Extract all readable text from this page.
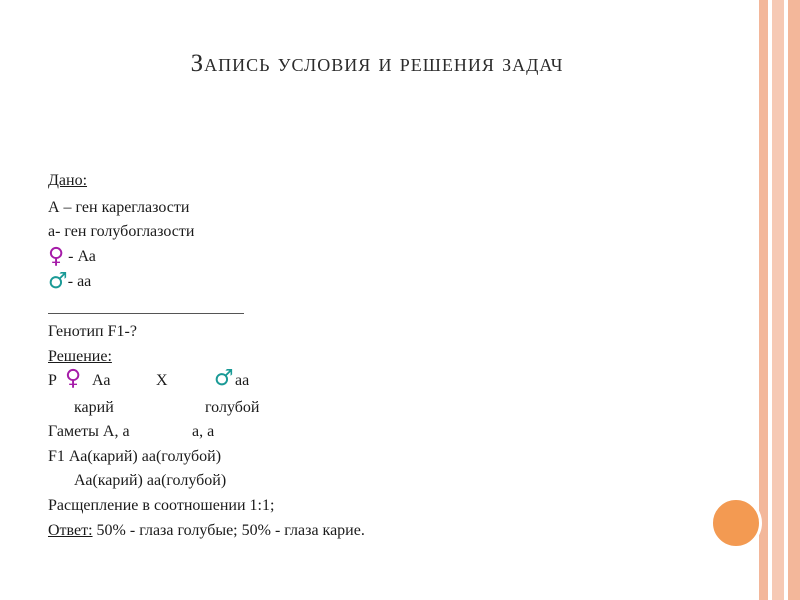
Запись условия и решения задач
Дано:
А – ген кареглазости
а- ген голубоглазости
♀ - Аа
♂- аа
Генотип F1-?
Решение:
P ♀ Аа	X ♂ аа
карий	голубой
Гаметы А, а	а, а
F1 Аа(карий) аа(голубой)
Аа(карий) аа(голубой)
Расщепление в соотношении 1:1;
Ответ: 50% - глаза голубые; 50% - глаза карие.
